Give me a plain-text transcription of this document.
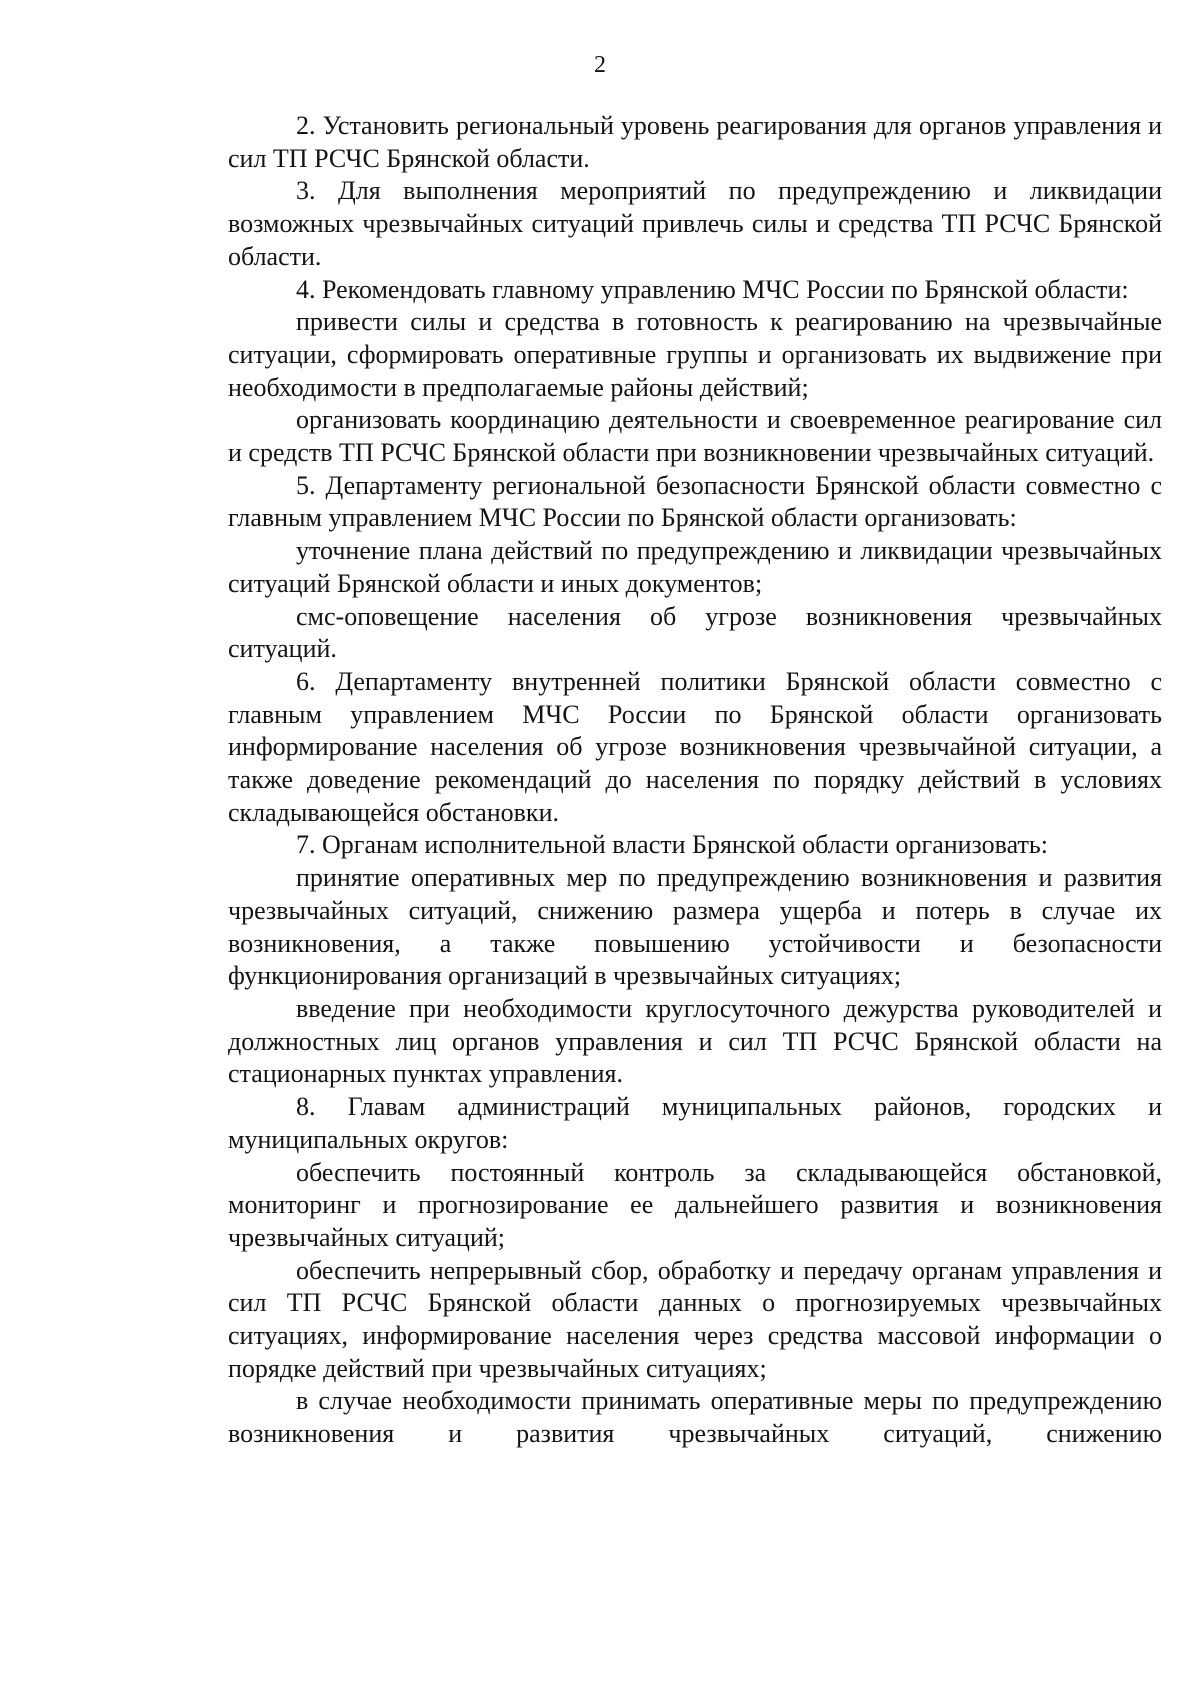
2

2. Установить региональный уровень реагирования для органов управления и сил ТП РСЧС Брянской области.

3. Для выполнения мероприятий по предупреждению и ликвидации возможных чрезвычайных ситуаций привлечь силы и средства ТП РСЧС Брянской области.

4. Рекомендовать главному управлению МЧС России по Брянской области:

привести силы и средства в готовность к реагированию на чрезвычайные ситуации, сформировать оперативные группы и организовать их выдвижение при необходимости в предполагаемые районы действий;

организовать координацию деятельности и своевременное реагирование сил и средств ТП РСЧС Брянской области при возникновении чрезвычайных ситуаций.

5. Департаменту региональной безопасности Брянской области совместно с главным управлением МЧС России по Брянской области организовать:

уточнение плана действий по предупреждению и ликвидации чрезвычайных ситуаций Брянской области и иных документов;

смс-оповещение населения об угрозе возникновения чрезвычайных ситуаций.

6. Департаменту внутренней политики Брянской области совместно с главным управлением МЧС России по Брянской области организовать информирование населения об угрозе возникновения чрезвычайной ситуации, а также доведение рекомендаций до населения по порядку действий в условиях складывающейся обстановки.

7. Органам исполнительной власти Брянской области организовать:

принятие оперативных мер по предупреждению возникновения и развития чрезвычайных ситуаций, снижению размера ущерба и потерь в случае их возникновения, а также повышению устойчивости и безопасности функционирования организаций в чрезвычайных ситуациях;

введение при необходимости круглосуточного дежурства руководителей и должностных лиц органов управления и сил ТП РСЧС Брянской области на стационарных пунктах управления.

8. Главам администраций муниципальных районов, городских и муниципальных округов:

обеспечить постоянный контроль за складывающейся обстановкой, мониторинг и прогнозирование ее дальнейшего развития и возникновения чрезвычайных ситуаций;

обеспечить непрерывный сбор, обработку и передачу органам управления и сил ТП РСЧС Брянской области данных о прогнозируемых чрезвычайных ситуациях, информирование населения через средства массовой информации о порядке действий при чрезвычайных ситуациях;

в случае необходимости принимать оперативные меры по предупреждению возникновения и развития чрезвычайных ситуаций, снижению
